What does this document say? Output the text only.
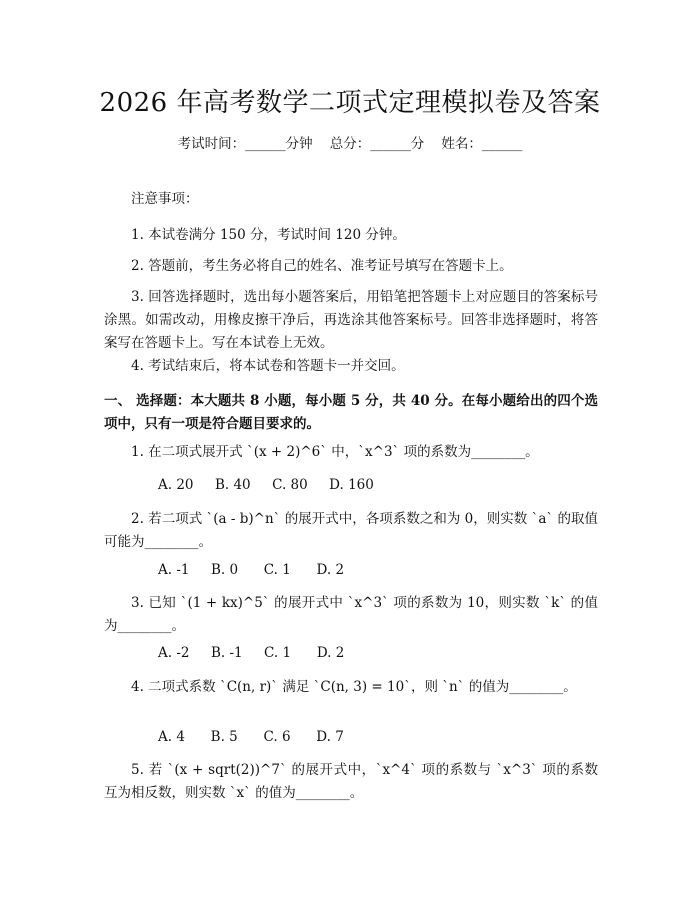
2026 年高考数学二项式定理模拟卷及答案
考试时间：______分钟    总分：______分    姓名：______
注意事项：
1. 本试卷满分 150 分，考试时间 120 分钟。
2. 答题前，考生务必将自己的姓名、准考证号填写在答题卡上。
3. 回答选择题时，选出每小题答案后，用铅笔把答题卡上对应题目的答案标号涂黑。如需改动，用橡皮擦干净后，再选涂其他答案标号。回答非选择题时，将答案写在答题卡上。写在本试卷上无效。
4. 考试结束后，将本试卷和答题卡一并交回。
一、 选择题：本大题共 8 小题，每小题 5 分，共 40 分。在每小题给出的四个选项中，只有一项是符合题目要求的。
1. 在二项式展开式 `(x + 2)^6` 中，`x^3` 项的系数为________。
A. 20     B. 40     C. 80     D. 160
2. 若二项式 `(a - b)^n` 的展开式中，各项系数之和为 0，则实数 `a` 的取值可能为________。
A. -1     B. 0      C. 1      D. 2
3. 已知 `(1 + kx)^5` 的展开式中 `x^3` 项的系数为 10，则实数 `k` 的值为________。
A. -2     B. -1     C. 1      D. 2
4. 二项式系数 `C(n, r)` 满足 `C(n, 3) = 10`，则 `n` 的值为________。
A. 4      B. 5      C. 6      D. 7
5. 若 `(x + sqrt(2))^7` 的展开式中，`x^4` 项的系数与 `x^3` 项的系数互为相反数，则实数 `x` 的值为________。
